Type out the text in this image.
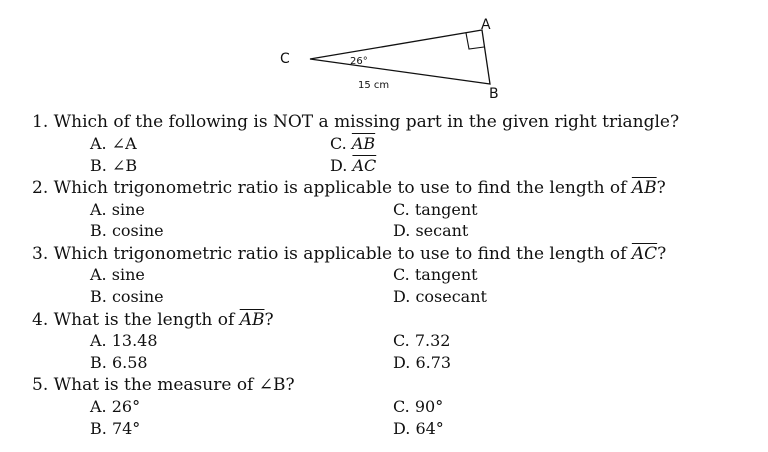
C
A
B
26°
15 cm
1. Which of the following is NOT a missing part in the given right triangle?
A. ∠A	C. $\overline{AB}$
B. ∠B	D. $\overline{AC}$
2. Which trigonometric ratio is applicable to use to find the length of $\overline{AB}$?
A. sine	C. tangent
B. cosine	D. secant
3. Which trigonometric ratio is applicable to use to find the length of $\overline{AC}$?
A. sine	C. tangent
B. cosine	D. cosecant
4. What is the length of $\overline{AB}$?
A. 13.48	C. 7.32
B. 6.58	D. 6.73
5. What is the measure of ∠B?
A. 26°	C. 90°
B. 74°	D. 64°
